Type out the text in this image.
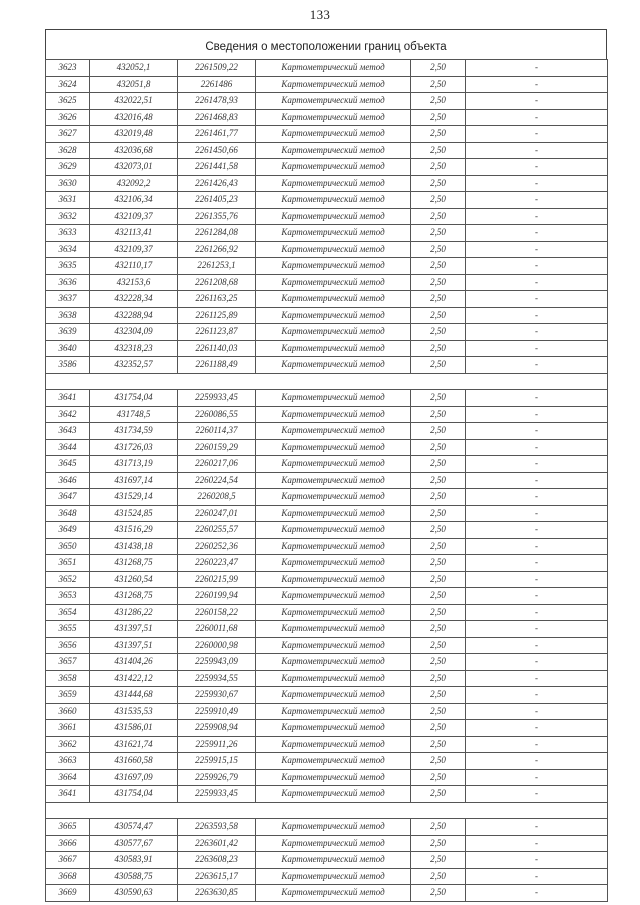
133
Сведения о местоположении границ объекта
3623	432052,1	2261509,22	Картометрический метод	2,50	-
3624	432051,8	2261486	Картометрический метод	2,50	-
3625	432022,51	2261478,93	Картометрический метод	2,50	-
3626	432016,48	2261468,83	Картометрический метод	2,50	-
3627	432019,48	2261461,77	Картометрический метод	2,50	-
3628	432036,68	2261450,66	Картометрический метод	2,50	-
3629	432073,01	2261441,58	Картометрический метод	2,50	-
3630	432092,2	2261426,43	Картометрический метод	2,50	-
3631	432106,34	2261405,23	Картометрический метод	2,50	-
3632	432109,37	2261355,76	Картометрический метод	2,50	-
3633	432113,41	2261284,08	Картометрический метод	2,50	-
3634	432109,37	2261266,92	Картометрический метод	2,50	-
3635	432110,17	2261253,1	Картометрический метод	2,50	-
3636	432153,6	2261208,68	Картометрический метод	2,50	-
3637	432228,34	2261163,25	Картометрический метод	2,50	-
3638	432288,94	2261125,89	Картометрический метод	2,50	-
3639	432304,09	2261123,87	Картометрический метод	2,50	-
3640	432318,23	2261140,03	Картометрический метод	2,50	-
3586	432352,57	2261188,49	Картометрический метод	2,50	-

3641	431754,04	2259933,45	Картометрический метод	2,50	-
3642	431748,5	2260086,55	Картометрический метод	2,50	-
3643	431734,59	2260114,37	Картометрический метод	2,50	-
3644	431726,03	2260159,29	Картометрический метод	2,50	-
3645	431713,19	2260217,06	Картометрический метод	2,50	-
3646	431697,14	2260224,54	Картометрический метод	2,50	-
3647	431529,14	2260208,5	Картометрический метод	2,50	-
3648	431524,85	2260247,01	Картометрический метод	2,50	-
3649	431516,29	2260255,57	Картометрический метод	2,50	-
3650	431438,18	2260252,36	Картометрический метод	2,50	-
3651	431268,75	2260223,47	Картометрический метод	2,50	-
3652	431260,54	2260215,99	Картометрический метод	2,50	-
3653	431268,75	2260199,94	Картометрический метод	2,50	-
3654	431286,22	2260158,22	Картометрический метод	2,50	-
3655	431397,51	2260011,68	Картометрический метод	2,50	-
3656	431397,51	2260000,98	Картометрический метод	2,50	-
3657	431404,26	2259943,09	Картометрический метод	2,50	-
3658	431422,12	2259934,55	Картометрический метод	2,50	-
3659	431444,68	2259930,67	Картометрический метод	2,50	-
3660	431535,53	2259910,49	Картометрический метод	2,50	-
3661	431586,01	2259908,94	Картометрический метод	2,50	-
3662	431621,74	2259911,26	Картометрический метод	2,50	-
3663	431660,58	2259915,15	Картометрический метод	2,50	-
3664	431697,09	2259926,79	Картометрический метод	2,50	-
3641	431754,04	2259933,45	Картометрический метод	2,50	-

3665	430574,47	2263593,58	Картометрический метод	2,50	-
3666	430577,67	2263601,42	Картометрический метод	2,50	-
3667	430583,91	2263608,23	Картометрический метод	2,50	-
3668	430588,75	2263615,17	Картометрический метод	2,50	-
3669	430590,63	2263630,85	Картометрический метод	2,50	-
